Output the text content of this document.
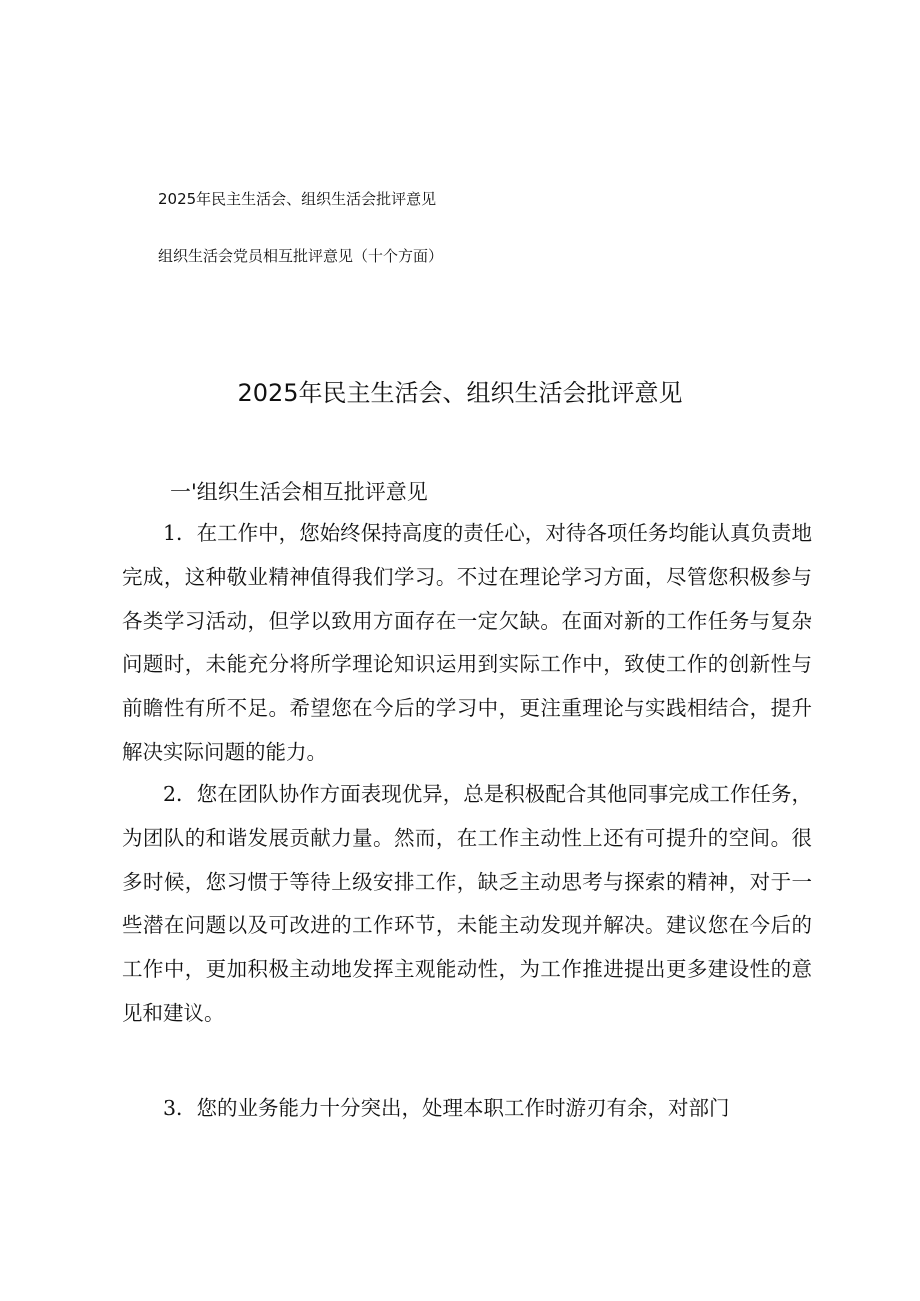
2025年民主生活会、组织生活会批评意见
组织生活会党员相互批评意见（十个方面）
2025年民主生活会、组织生活会批评意见
一'组织生活会相互批评意见

1．在工作中，您始终保持高度的责任心，对待各项任务均能认真负责地完成，这种敬业精神值得我们学习。不过在理论学习方面，尽管您积极参与各类学习活动，但学以致用方面存在一定欠缺。在面对新的工作任务与复杂问题时，未能充分将所学理论知识运用到实际工作中，致使工作的创新性与前瞻性有所不足。希望您在今后的学习中，更注重理论与实践相结合，提升解决实际问题的能力。

2．您在团队协作方面表现优异，总是积极配合其他同事完成工作任务，为团队的和谐发展贡献力量。然而，在工作主动性上还有可提升的空间。很多时候，您习惯于等待上级安排工作，缺乏主动思考与探索的精神，对于一些潜在问题以及可改进的工作环节，未能主动发现并解决。建议您在今后的工作中，更加积极主动地发挥主观能动性，为工作推进提出更多建设性的意见和建议。

3．您的业务能力十分突出，处理本职工作时游刃有余，对部门
